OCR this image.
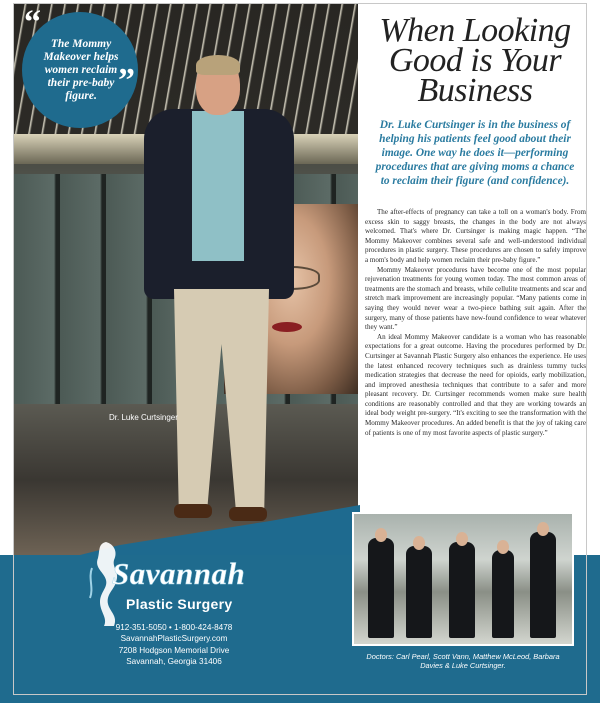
Dr. Luke Curtsinger
“
The Mommy Makeover helps women reclaim their pre-baby figure. ”
When Looking
Good is Your
Business
Dr. Luke Curtsinger is in the business of helping his patients feel good about their image. One way he does it—performing procedures that are giving moms a chance to reclaim their figure (and confidence).

The after-effects of pregnancy can take a toll on a woman's body. From excess skin to saggy breasts, the changes in the body are not always welcomed. That's where Dr. Curtsinger is making magic happen. “The Mommy Makeover combines several safe and well-understood individual procedures in plastic surgery. These procedures are chosen to safely improve a mom's body and help women reclaim their pre-baby figure.”

Mommy Makeover procedures have become one of the most popular rejuvenation treatments for young women today. The most common areas of treatments are the stomach and breasts, while cellulite treatments and scar and stretch mark improvement are increasingly popular. “Many patients come in saying they would never wear a two-piece bathing suit again. After the surgery, many of those patients have new-found confidence to wear whatever they want.”

An ideal Mommy Makeover candidate is a woman who has reasonable expectations for a great outcome. Having the procedures performed by Dr. Curtsinger at Savannah Plastic Surgery also enhances the experience. He uses the latest enhanced recovery techniques such as drainless tummy tucks medication strategies that decrease the need for opioids, early mobilization, and improved anesthesia techniques that contribute to a safer and more pleasant recovery. Dr. Curtsinger recommends women make sure health conditions are reasonably controlled and that they are working towards an ideal body weight pre-surgery. “It's exciting to see the transformation with the Mommy Makeover procedures. An added benefit is that the joy of taking care of patients is one of my most favorite aspects of plastic surgery.”

Doctors: Carl Pearl, Scott Vann, Matthew McLeod, Barbara Davies & Luke Curtsinger.
Savannah
Plastic Surgery
912-351-5050 • 1-800-424-8478
SavannahPlasticSurgery.com
7208 Hodgson Memorial Drive
Savannah, Georgia 31406
